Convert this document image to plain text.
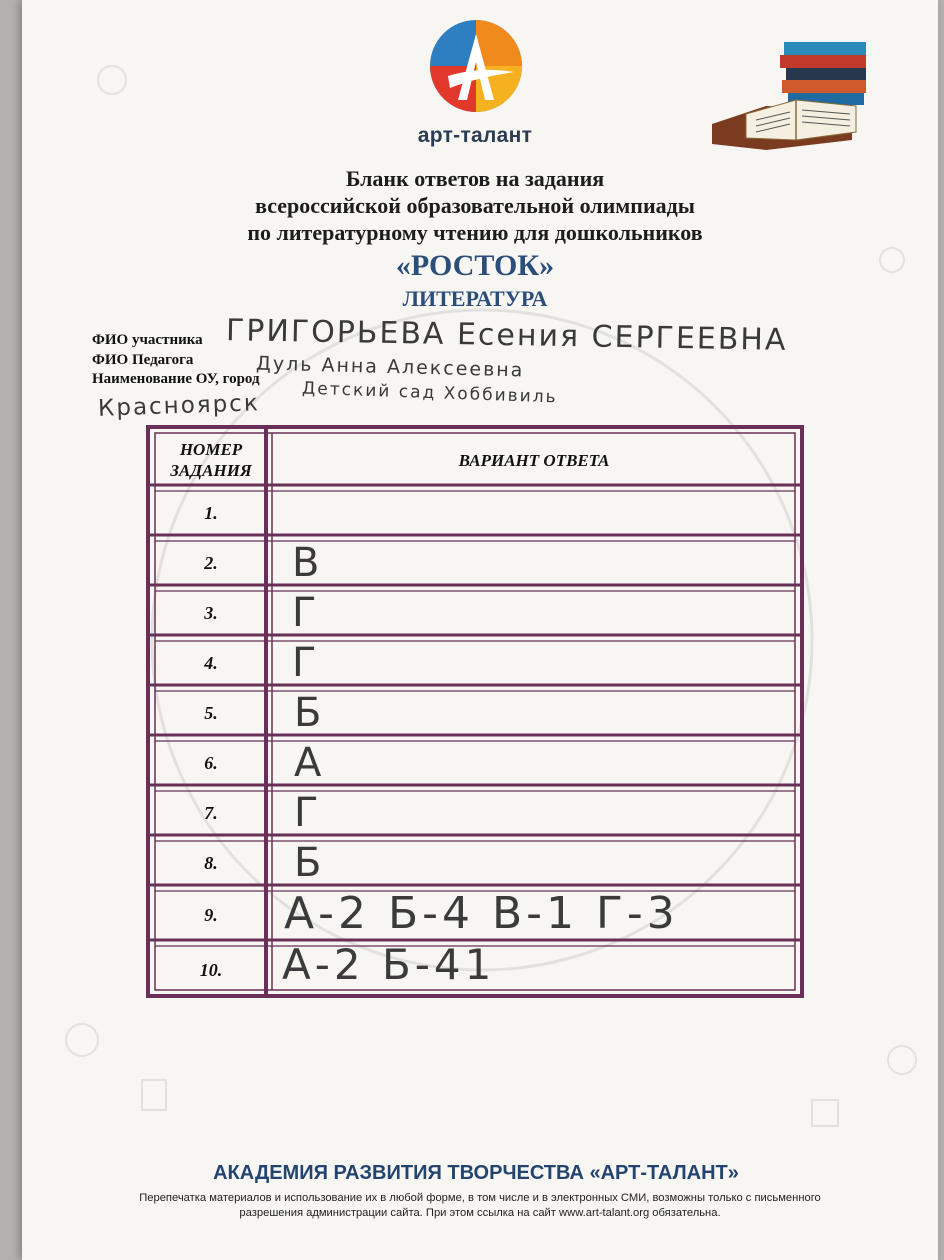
арт-талант
Бланк ответов на задания
всероссийской образовательной олимпиады
по литературному чтению для дошкольников
«РОСТОК»
ЛИТЕРАТУРА
ФИО участника
ФИО Педагога
Наименование ОУ, город
ГРИГОРЬЕВА Есения СЕРГЕЕВНА
Дуль Анна Алексеевна
Детский сад Хоббивиль
Красноярск
НОМЕР
ЗАДАНИЯ
ВАРИАНТ ОТВЕТА
1.
2.
3.
4.
5.
6.
7.
8.
9.
10.
В
Г
Г
Б
А
Г
Б
А-2 Б-4 В-1 Г-3
А-2 Б-41
АКАДЕМИЯ РАЗВИТИЯ ТВОРЧЕСТВА «АРТ-ТАЛАНТ»
Перепечатка материалов и использование их в любой форме, в том числе и в электронных СМИ, возможны только с письменного разрешения администрации сайта. При этом ссылка на сайт www.art-talant.org обязательна.
